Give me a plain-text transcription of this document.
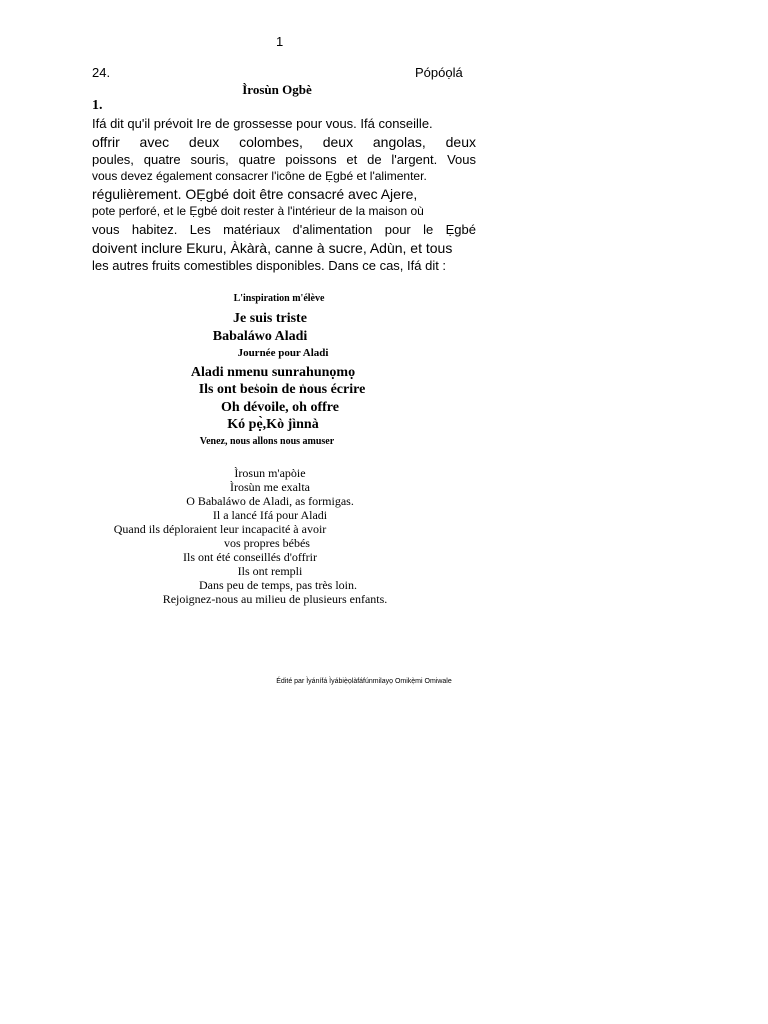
1
24.	Pópóọlá
Ìrosùn Ogbè
1.
Ifá dit qu'il prévoit Ire de grossesse pour vous. Ifá conseille.
offrir avec deux colombes, deux angolas, deux
poules, quatre souris, quatre poissons et de l'argent. Vous
vous devez également consacrer l'icône de Ẹgbé et l'alimenter.
régulièrement. OẸgbé doit être consacré avec Ajere,
pote perforé, et le Ẹgbé doit rester à l'intérieur de la maison où
vous habitez. Les matériaux d'alimentation pour le Ẹgbé
doivent inclure Ekuru, Àkàrà, canne à sucre, Adùn, et tous
les autres fruits comestibles disponibles. Dans ce cas, Ifá dit :
L'inspiration m'élève
Je suis triste
Babaláwo Aladi
Journée pour Aladi
Aladi nmenu sunrahunọmọ
Ils ont bes̍oin de n̍ous écrire
Oh dévoile, oh offre
Kó pẹ̀,Kò jìnnà
Venez, nous allons nous amuser
Ìrosun m'apòie
Ìrosùn me exalta
O Babaláwo de Aladi, as formigas.
Il a lancé Ifá pour Aladi
Quand ils déploraient leur incapacité à avoir
vos propres bébés
Ils ont été conseillés d'offrir
Ils ont rempli
Dans peu de temps, pas très loin.
Rejoignez-nous au milieu de plusieurs enfants.
Édité par Ìyánífá Ìyábiẹ̀ọlàfáfúnmilayọ Omikẹ̀mi Omiwale
